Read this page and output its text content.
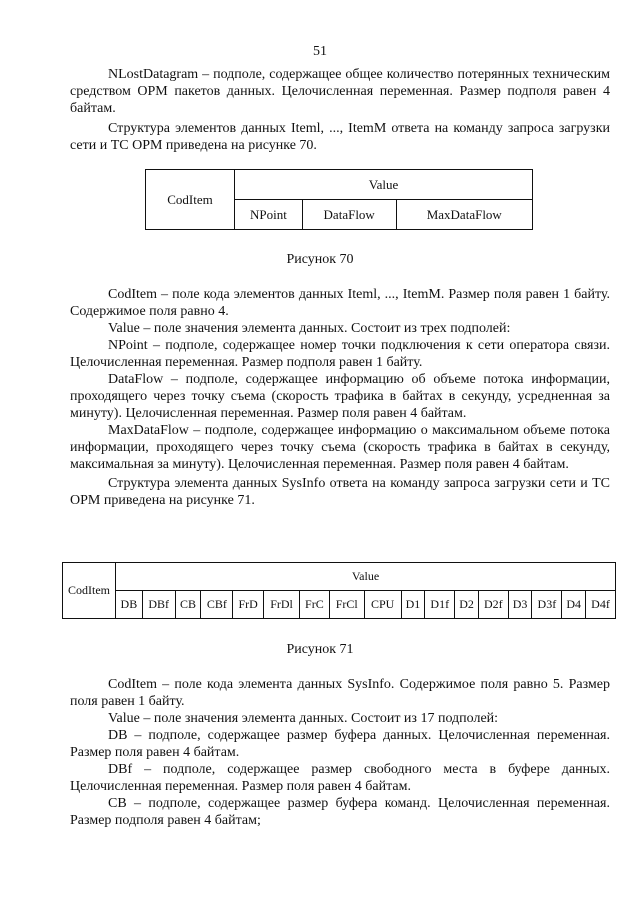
51

NLostDatagram – подполе, содержащее общее количество потерянных техническим средством ОРМ пакетов данных. Целочисленная переменная. Размер подполя равен 4 байтам.

Структура элементов данных Iteml, ..., ItemM ответа на команду запроса загрузки сети и ТС ОРМ приведена на рисунке 70.

CodItem	Value		
	NPoint	DataFlow	MaxDataFlow
Рисунок 70

CodItem – поле кода элементов данных Iteml, ..., ItemM. Размер поля равен 1 байту. Содержимое поля равно 4.

Value – поле значения элемента данных. Состоит из трех подполей:

NPoint – подполе, содержащее номер точки подключения к сети оператора связи. Целочисленная переменная. Размер подполя равен 1 байту.

DataFlow – подполе, содержащее информацию об объеме потока информации, проходящего через точку съема (скорость трафика в байтах в секунду, усредненная за минуту). Целочисленная переменная. Размер поля равен 4 байтам.

MaxDataFlow – подполе, содержащее информацию о максимальном объеме потока информации, проходящего через точку съема (скорость трафика в байтах в секунду, максимальная за минуту). Целочисленная переменная. Размер поля равен 4 байтам.

Структура элемента данных SysInfo ответа на команду запроса загрузки сети и ТС ОРМ приведена на рисунке 71.

CodItem	Value																
	DB	DBf	CB	CBf	FrD	FrDl	FrC	FrCl	CPU	D1	D1f	D2	D2f	D3	D3f	D4	D4f
Рисунок 71

CodItem – поле кода элемента данных SysInfo. Содержимое поля равно 5. Размер поля равен 1 байту.

Value – поле значения элемента данных. Состоит из 17 подполей:

DB – подполе, содержащее размер буфера данных. Целочисленная переменная. Размер поля равен 4 байтам.

DBf – подполе, содержащее размер свободного места в буфере данных. Целочисленная переменная. Размер поля равен 4 байтам.

CB – подполе, содержащее размер буфера команд. Целочисленная переменная. Размер подполя равен 4 байтам;
